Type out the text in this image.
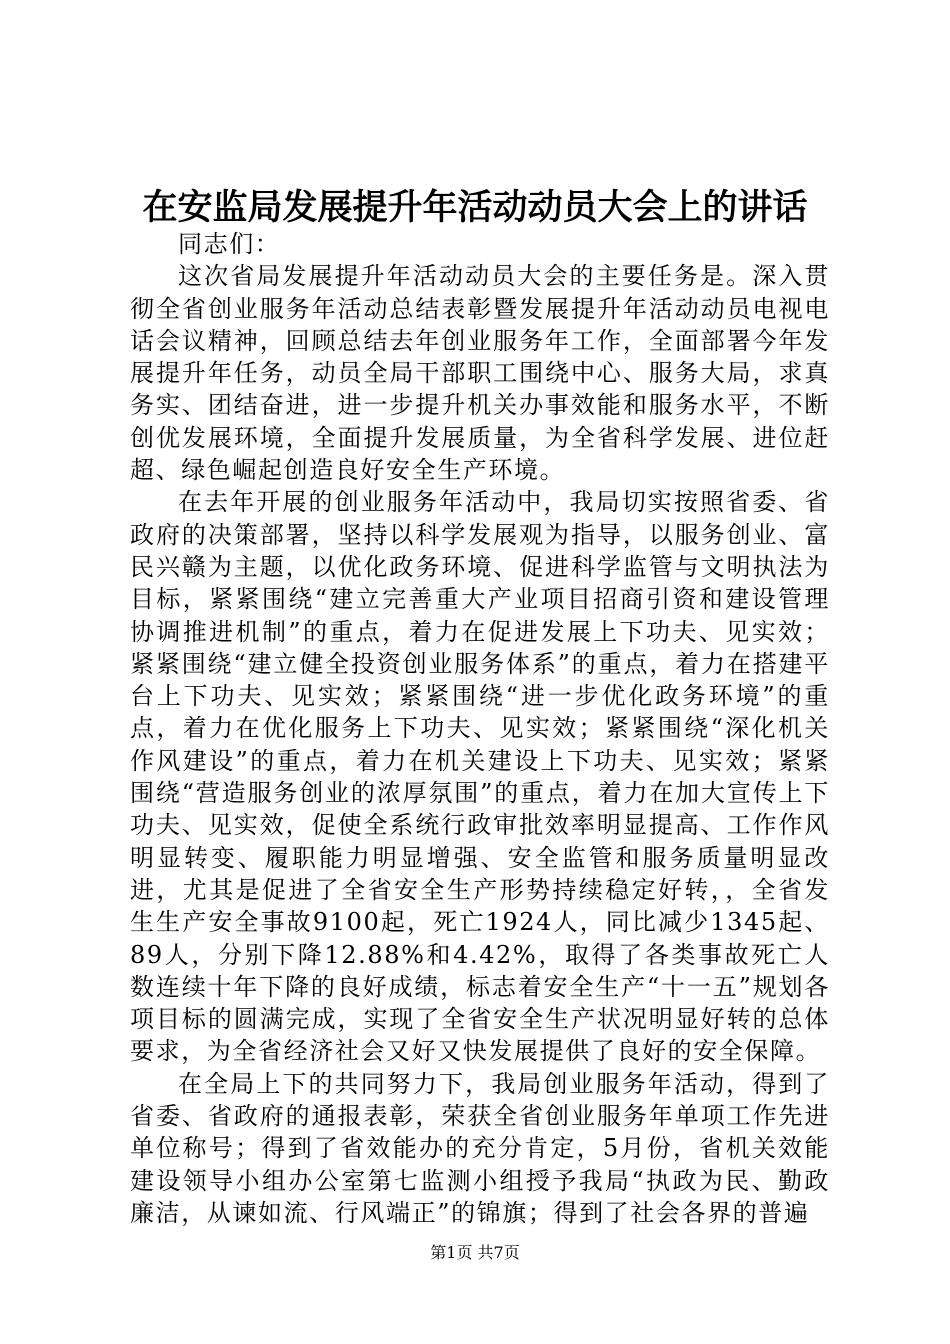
在安监局发展提升年活动动员大会上的讲话

同志们：

这次省局发展提升年活动动员大会的主要任务是。深入贯彻全省创业服务年活动总结表彰暨发展提升年活动动员电视电话会议精神，回顾总结去年创业服务年工作，全面部署今年发展提升年任务，动员全局干部职工围绕中心、服务大局，求真务实、团结奋进，进一步提升机关办事效能和服务水平，不断创优发展环境，全面提升发展质量，为全省科学发展、进位赶超、绿色崛起创造良好安全生产环境。

在去年开展的创业服务年活动中，我局切实按照省委、省政府的决策部署，坚持以科学发展观为指导，以服务创业、富民兴赣为主题，以优化政务环境、促进科学监管与文明执法为目标，紧紧围绕“建立完善重大产业项目招商引资和建设管理协调推进机制”的重点，着力在促进发展上下功夫、见实效；紧紧围绕“建立健全投资创业服务体系”的重点，着力在搭建平台上下功夫、见实效；紧紧围绕“进一步优化政务环境”的重点，着力在优化服务上下功夫、见实效；紧紧围绕“深化机关作风建设”的重点，着力在机关建设上下功夫、见实效；紧紧围绕“营造服务创业的浓厚氛围”的重点，着力在加大宣传上下功夫、见实效，促使全系统行政审批效率明显提高、工作作风明显转变、履职能力明显增强、安全监管和服务质量明显改进，尤其是促进了全省安全生产形势持续稳定好转，，全省发生生产安全事故9100起，死亡1924人，同比减少1345起、89人，分别下降12.88%和4.42%，取得了各类事故死亡人数连续十年下降的良好成绩，标志着安全生产“十一五”规划各项目标的圆满完成，实现了全省安全生产状况明显好转的总体要求，为全省经济社会又好又快发展提供了良好的安全保障。

在全局上下的共同努力下，我局创业服务年活动，得到了省委、省政府的通报表彰，荣获全省创业服务年单项工作先进单位称号；得到了省效能办的充分肯定，5月份，省机关效能建设领导小组办公室第七监测小组授予我局“执政为民、勤政廉洁，从谏如流、行风端正”的锦旗；得到了社会各界的普遍

第1页 共7页
